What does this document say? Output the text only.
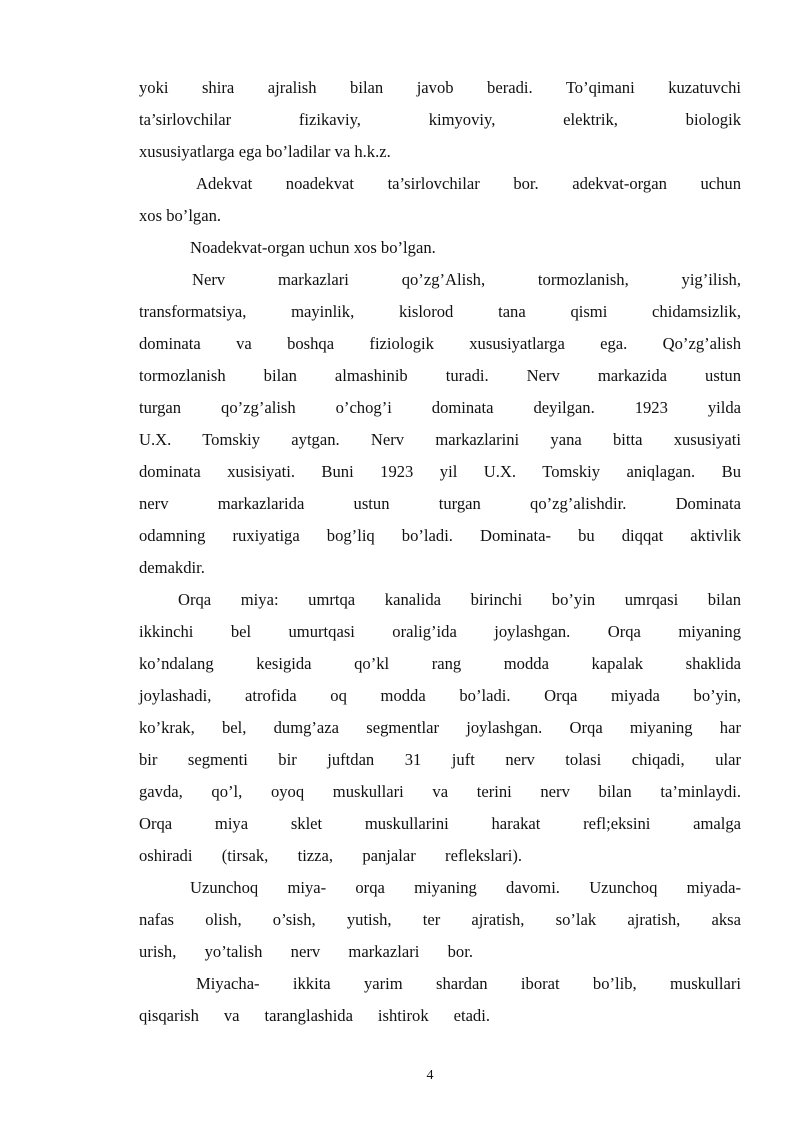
yoki shira ajralish bilan javob beradi. To’qimani kuzatuvchi
ta’sirlovchilar fizikaviy, kimyoviy, elektrik, biologik
xususiyatlarga ega bo’ladilar va h.k.z.
Adekvat noadekvat ta’sirlovchilar bor. adekvat-organ uchun
xos bo’lgan.
Noadekvat-organ uchun xos bo’lgan.
Nerv markazlari qo’zg’Alish, tormozlanish, yig’ilish,
transformatsiya, mayinlik, kislorod tana qismi chidamsizlik,
dominata va boshqa fiziologik xususiyatlarga ega. Qo’zg’alish
tormozlanish bilan almashinib turadi. Nerv markazida ustun
turgan qo’zg’alish o’chog’i dominata deyilgan. 1923 yilda
U.X. Tomskiy aytgan. Nerv markazlarini yana bitta xususiyati
dominata xusisiyati. Buni 1923 yil U.X. Tomskiy aniqlagan. Bu
nerv markazlarida ustun turgan qo’zg’alishdir. Dominata
odamning ruxiyatiga bog’liq bo’ladi. Dominata- bu diqqat aktivlik
demakdir.
Orqa miya: umrtqa kanalida birinchi bo’yin umrqasi bilan
ikkinchi bel umurtqasi oralig’ida joylashgan. Orqa miyaning
ko’ndalang kesigida qo’kl rang modda kapalak shaklida
joylashadi, atrofida oq modda bo’ladi. Orqa miyada bo’yin,
ko’krak, bel, dumg’aza segmentlar joylashgan. Orqa miyaning har
bir segmenti bir juftdan 31 juft nerv tolasi chiqadi, ular
gavda, qo’l, oyoq muskullari va terini nerv bilan ta’minlaydi.
Orqa miya sklet muskullarini harakat refl;eksini amalga
oshiradi (tirsak, tizza, panjalar reflekslari).
Uzunchoq miya- orqa miyaning davomi. Uzunchoq miyada-
nafas olish, o’sish, yutish, ter ajratish, so’lak ajratish, aksa
urish, yo’talish nerv markazlari bor.
Miyacha- ikkita yarim shardan iborat bo’lib, muskullari
qisqarish va taranglashida ishtirok etadi.
4
